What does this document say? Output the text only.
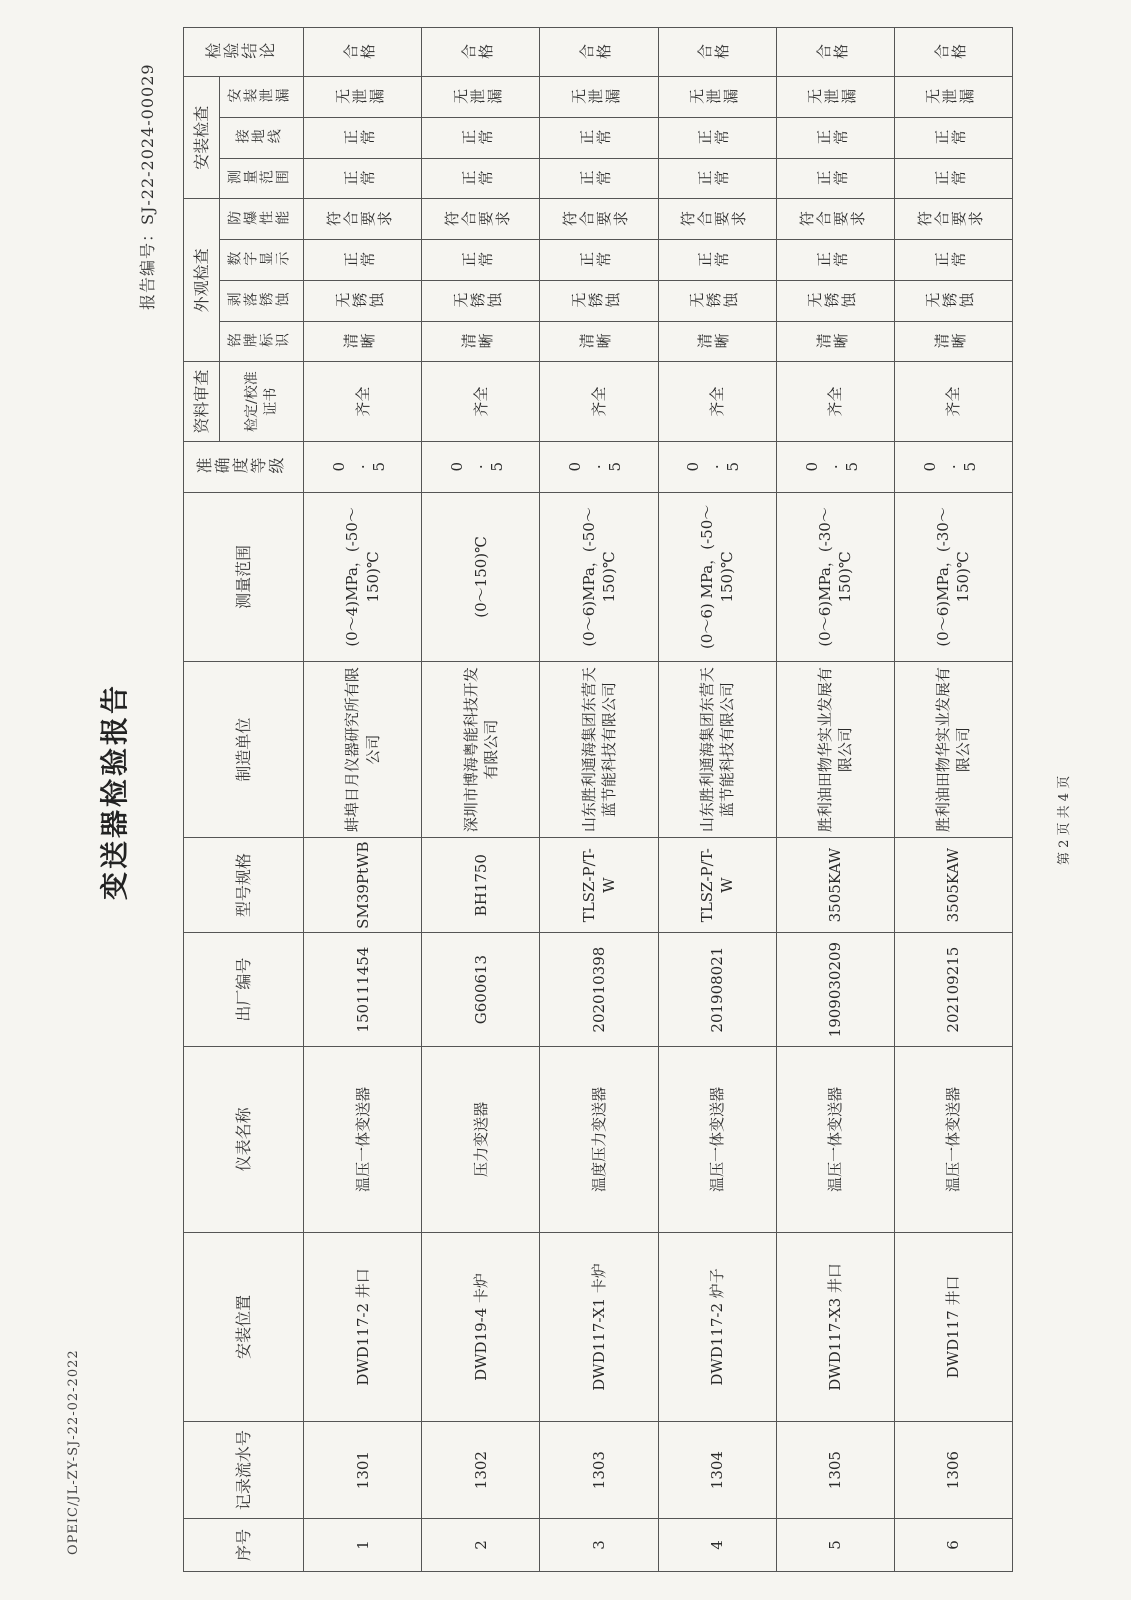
OPEIC/JL-ZY-SJ-22-02-2022
变送器检验报告
报告编号：SJ-22-2024-00029
序号	记录流水号	安装位置	仪表名称	出厂编号	型号规格	制造单位	测量范围	准确度等级	资料审查	外观检查				安装检查			检验结论
									检定/校准证书	铭牌标识	剥落锈蚀	数字显示	防爆性能	测量范围	接地线	安装泄漏	
1	1301	DWD117-2 井口	温压一体变送器	150111454	SM39PtWB	蚌埠日月仪器研究所有限公司	(0～4)MPa，(-50～150)℃	0.5	齐全	清晰	无锈蚀	正常	符合要求	正常	正常	无泄漏	合格
2	1302	DWD19-4 卡炉	压力变送器	G600613	BH1750	深圳市博海粤能科技开发有限公司	(0～150)℃	0.5	齐全	清晰	无锈蚀	正常	符合要求	正常	正常	无泄漏	合格
3	1303	DWD117-X1 卡炉	温度压力变送器	202010398	TLSZ-P/T-W	山东胜利通海集团东营天蓝节能科技有限公司	(0～6)MPa，(-50～150)℃	0.5	齐全	清晰	无锈蚀	正常	符合要求	正常	正常	无泄漏	合格
4	1304	DWD117-2 炉子	温压一体变送器	201908021	TLSZ-P/T-W	山东胜利通海集团东营天蓝节能科技有限公司	(0～6) MPa，(-50～150)℃	0.5	齐全	清晰	无锈蚀	正常	符合要求	正常	正常	无泄漏	合格
5	1305	DWD117-X3 井口	温压一体变送器	1909030209	3505KAW	胜利油田物华实业发展有限公司	(0～6)MPa，(-30～150)℃	0.5	齐全	清晰	无锈蚀	正常	符合要求	正常	正常	无泄漏	合格
6	1306	DWD117 井口	温压一体变送器	202109215	3505KAW	胜利油田物华实业发展有限公司	(0～6)MPa，(-30～150)℃	0.5	齐全	清晰	无锈蚀	正常	符合要求	正常	正常	无泄漏	合格
第 2 页 共 4 页
